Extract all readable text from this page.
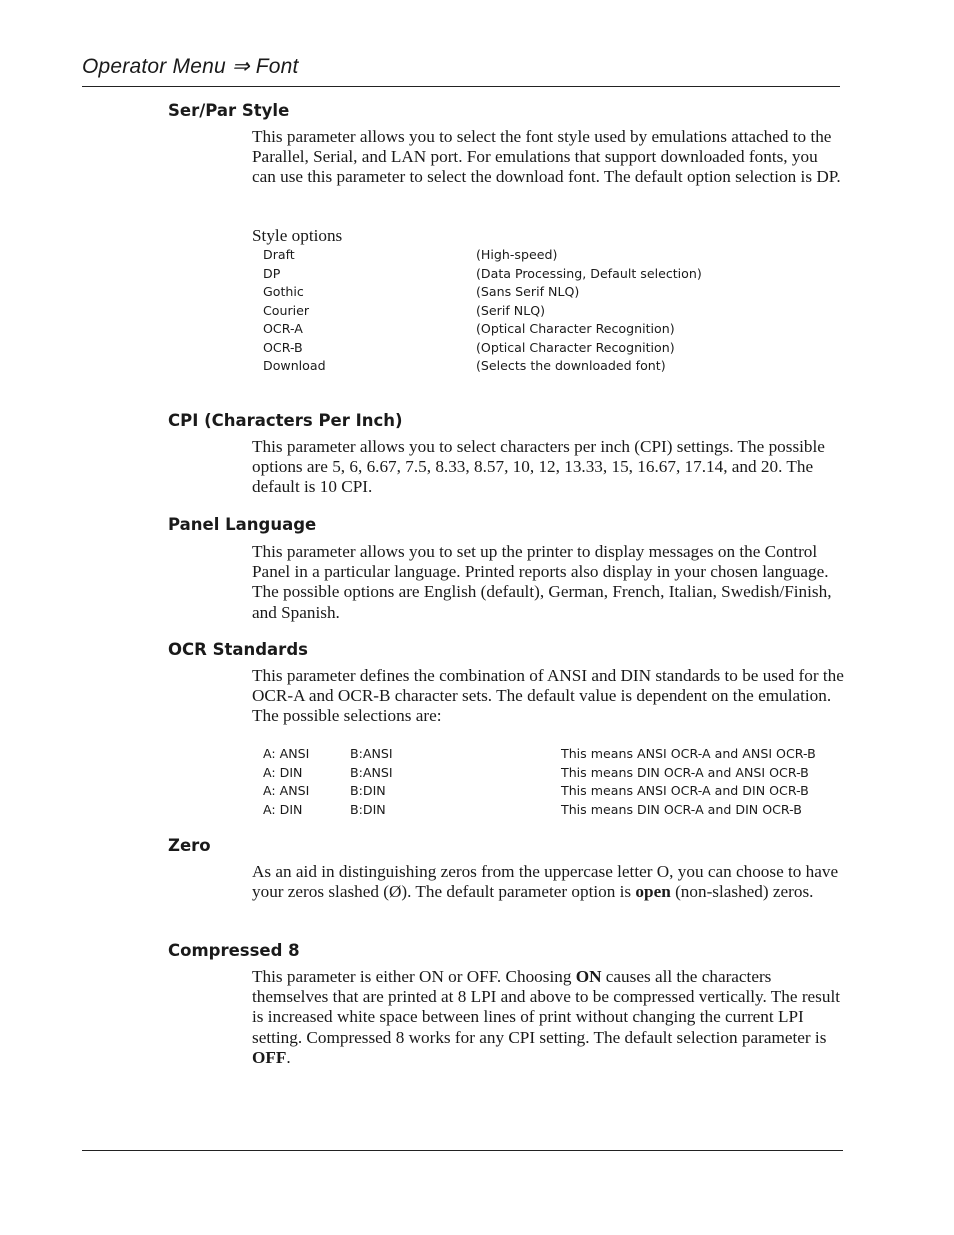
Operator Menu ⇒ Font
Ser/Par Style
This parameter allows you to select the font style used by emulations attached to the Parallel, Serial, and LAN port. For emulations that support downloaded fonts, you can use this parameter to select the download font. The default option selection is DP.
Style options
Draft	(High-speed)
DP	(Data Processing, Default selection)
Gothic	(Sans Serif NLQ)
Courier	(Serif NLQ)
OCR-A	(Optical Character Recognition)
OCR-B	(Optical Character Recognition)
Download	(Selects the downloaded font)
CPI (Characters Per Inch)
This parameter allows you to select characters per inch (CPI) settings. The possible options are 5, 6, 6.67, 7.5, 8.33, 8.57, 10, 12, 13.33, 15, 16.67, 17.14, and 20. The default is 10 CPI.
Panel Language
This parameter allows you to set up the printer to display messages on the Control Panel in a particular language. Printed reports also display in your chosen language. The possible options are English (default), German, French, Italian, Swedish/Finish, and Spanish.
OCR Standards
This parameter defines the combination of ANSI and DIN standards to be used for the OCR-A and OCR-B character sets. The default value is dependent on the emulation. The possible selections are:
A: ANSI	B:ANSI	This means ANSI OCR-A and ANSI OCR-B
A: DIN	B:ANSI	This means DIN OCR-A and ANSI OCR-B
A: ANSI	B:DIN	This means ANSI OCR-A and DIN OCR-B
A: DIN	B:DIN	This means DIN OCR-A and DIN OCR-B
Zero
As an aid in distinguishing zeros from the uppercase letter O, you can choose to have your zeros slashed (Ø). The default parameter option is open (non-slashed) zeros.
Compressed 8
This parameter is either ON or OFF. Choosing ON causes all the characters themselves that are printed at 8 LPI and above to be compressed vertically. The result is increased white space between lines of print without changing the current LPI setting. Compressed 8 works for any CPI setting. The default selection parameter is OFF.
